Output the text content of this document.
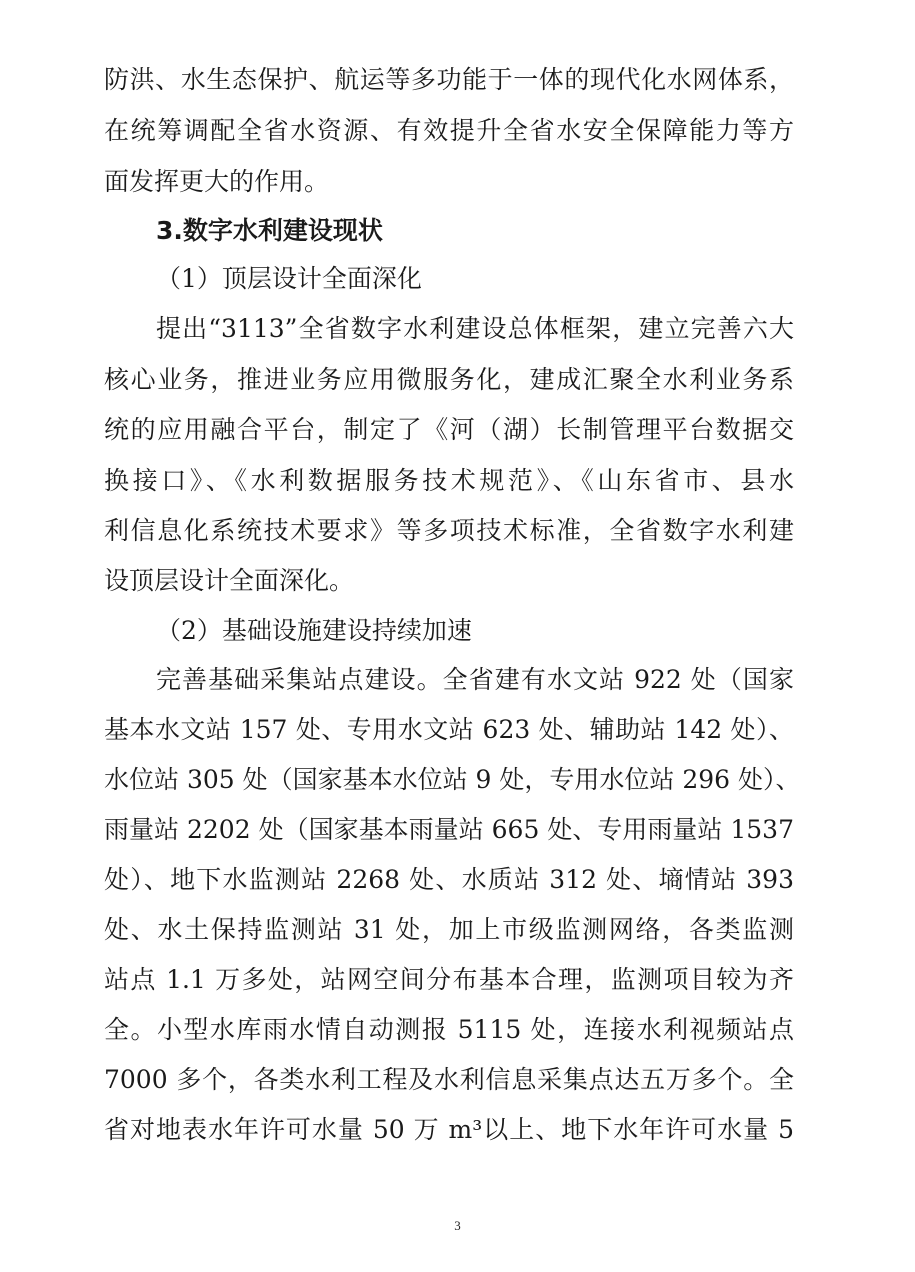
防洪、水生态保护、航运等多功能于一体的现代化水网体系，
在统筹调配全省水资源、有效提升全省水安全保障能力等方
面发挥更大的作用。
3.数字水利建设现状
（1）顶层设计全面深化
提出“3113”全省数字水利建设总体框架，建立完善六大
核心业务，推进业务应用微服务化，建成汇聚全水利业务系
统的应用融合平台，制定了《河（湖）长制管理平台数据交
换接口》、《水利数据服务技术规范》、《山东省市、县水
利信息化系统技术要求》等多项技术标准，全省数字水利建
设顶层设计全面深化。
（2）基础设施建设持续加速
完善基础采集站点建设。全省建有水文站 922 处（国家
基本水文站 157 处、专用水文站 623 处、辅助站 142 处）、
水位站 305 处（国家基本水位站 9 处，专用水位站 296 处）、
雨量站 2202 处（国家基本雨量站 665 处、专用雨量站 1537
处）、地下水监测站 2268 处、水质站 312 处、墒情站 393
处、水土保持监测站 31 处，加上市级监测网络，各类监测
站点 1.1 万多处，站网空间分布基本合理，监测项目较为齐
全。小型水库雨水情自动测报 5115 处，连接水利视频站点
7000 多个，各类水利工程及水利信息采集点达五万多个。全
省对地表水年许可水量 50 万 m³以上、地下水年许可水量 5
3
